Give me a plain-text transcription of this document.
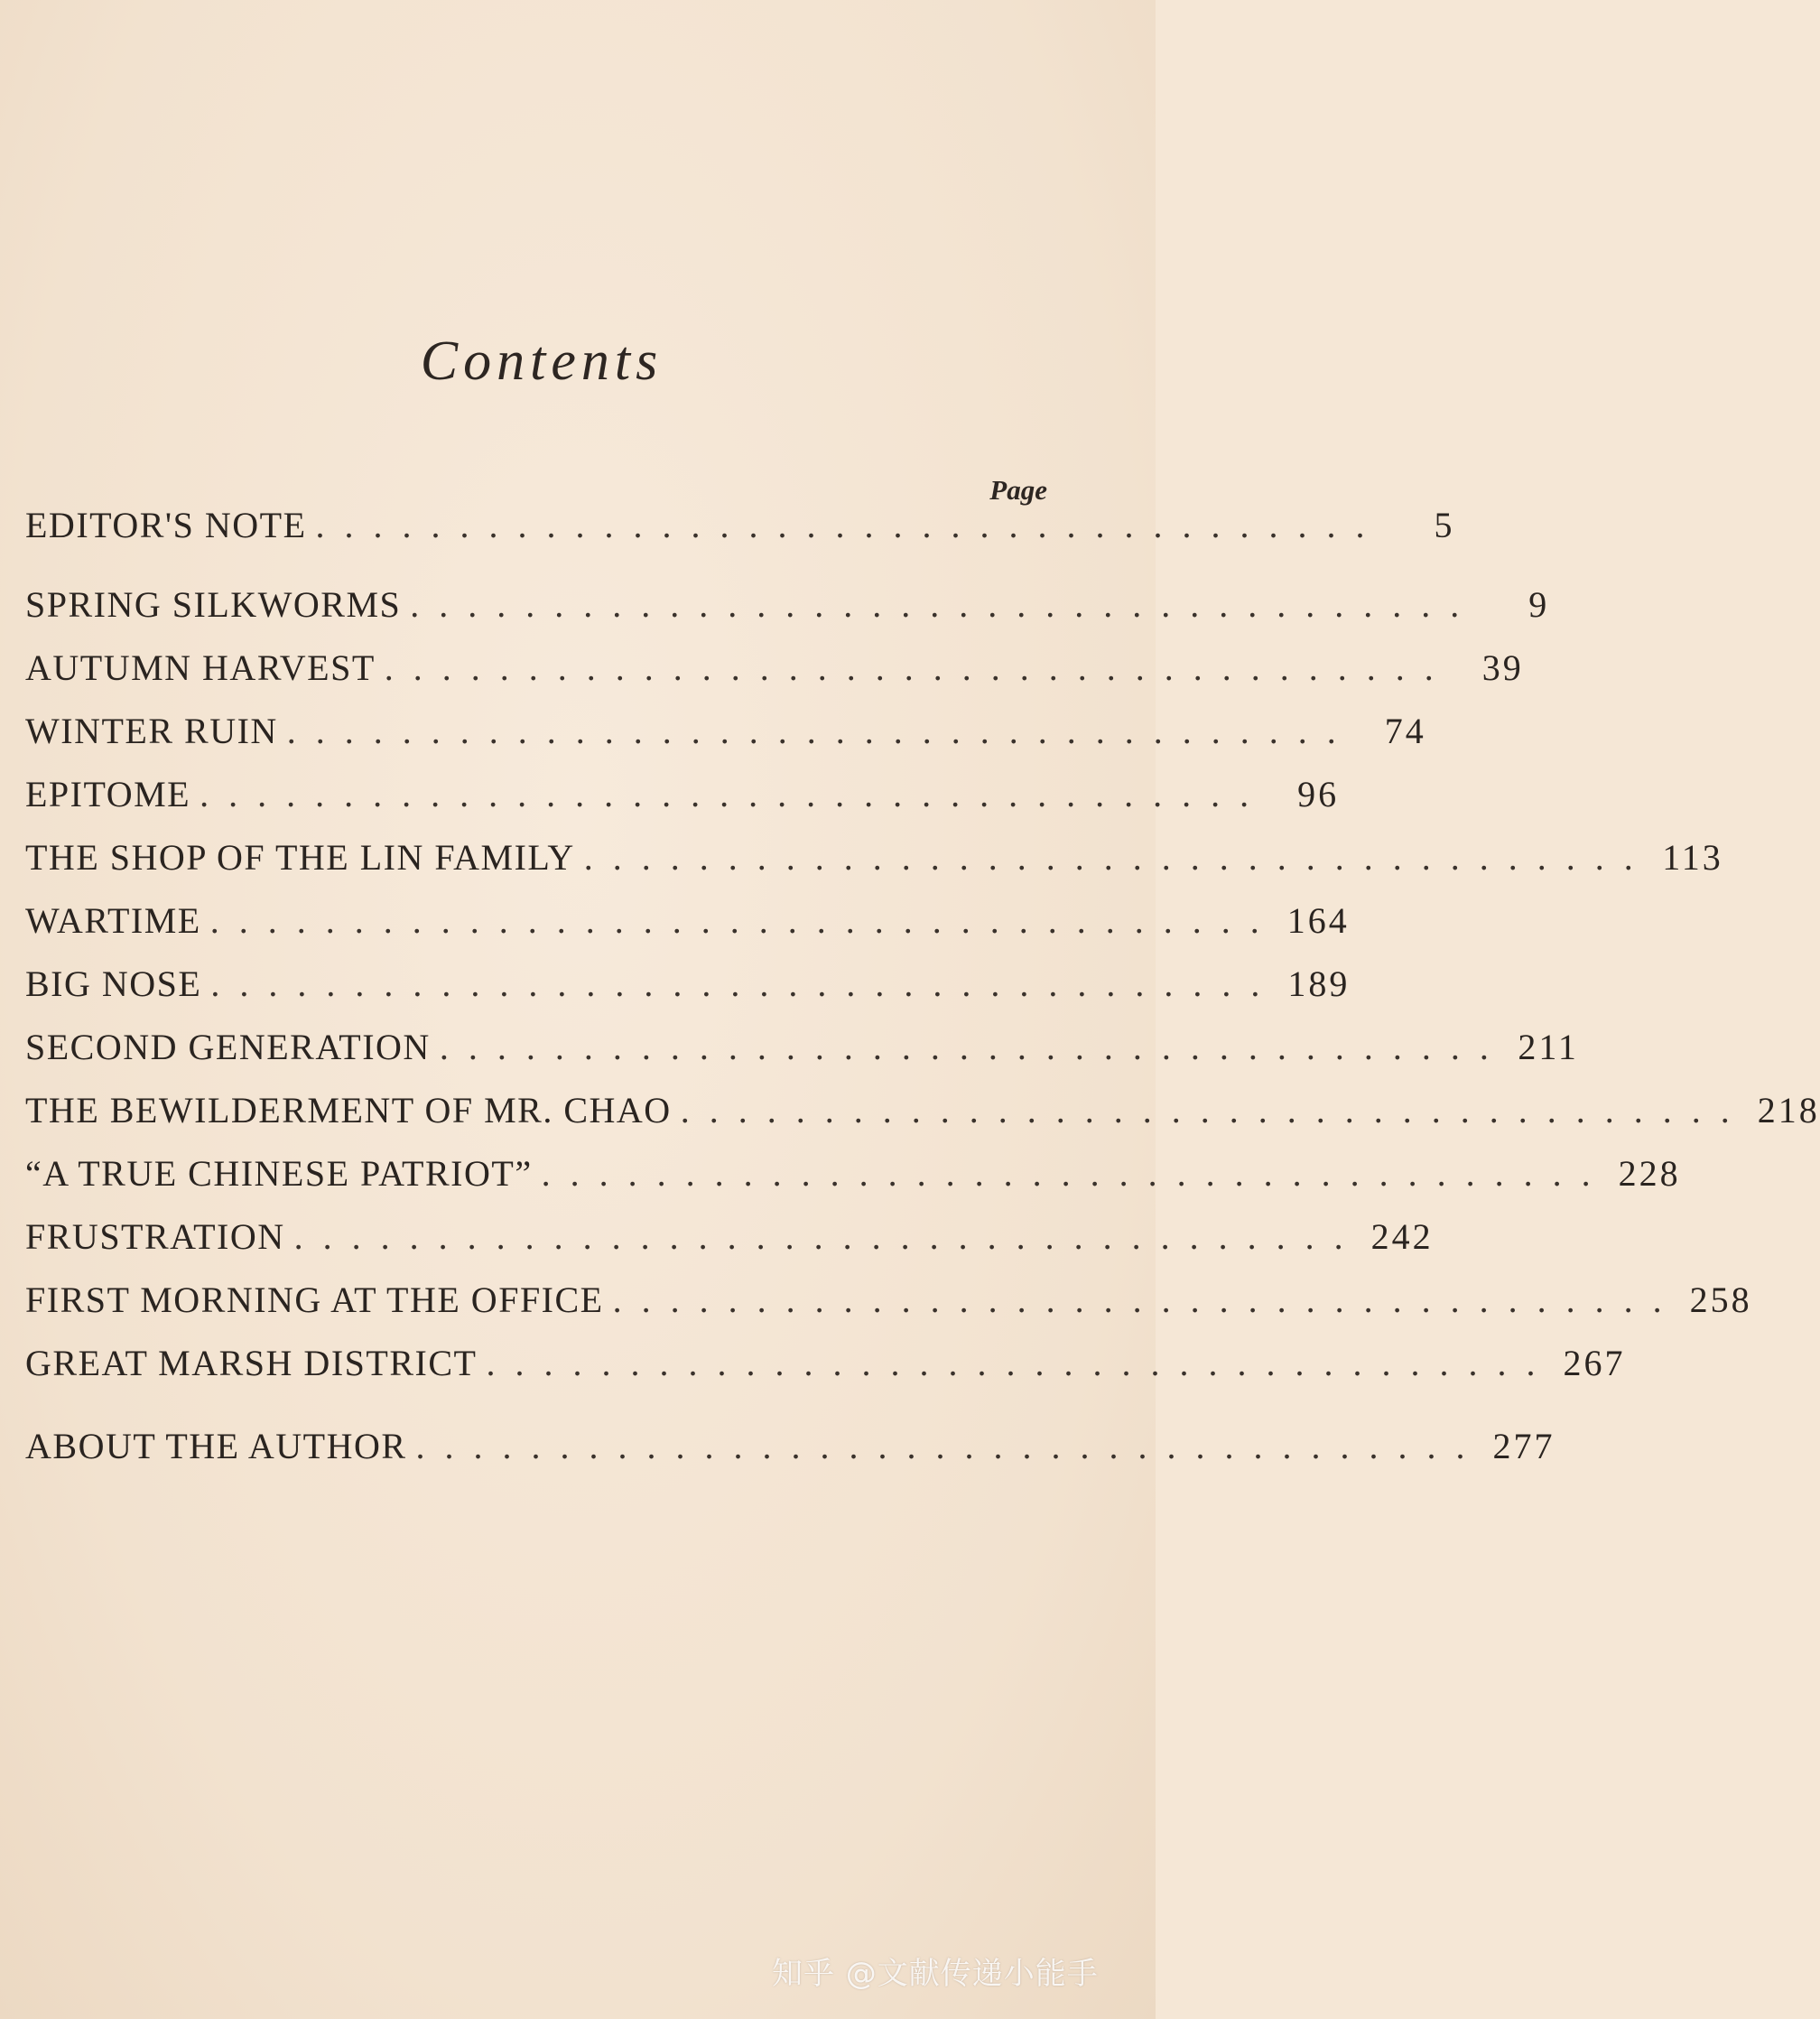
Contents
Page
EDITOR'S NOTE .....................................	5
SPRING SILKWORMS .....................................	9
AUTUMN HARVEST ..................................... 39
WINTER RUIN ..................................... 74
EPITOME ..................................... 96
THE SHOP OF THE LIN FAMILY ..................................... 113
WARTIME ..................................... 164
BIG NOSE ..................................... 189
SECOND GENERATION ..................................... 211
THE BEWILDERMENT OF MR. CHAO ..................................... 218
“A TRUE CHINESE PATRIOT” ..................................... 228
FRUSTRATION ..................................... 242
FIRST MORNING AT THE OFFICE ..................................... 258
GREAT MARSH DISTRICT ..................................... 267
ABOUT THE AUTHOR ..................................... 277
知乎 @文献传递小能手
